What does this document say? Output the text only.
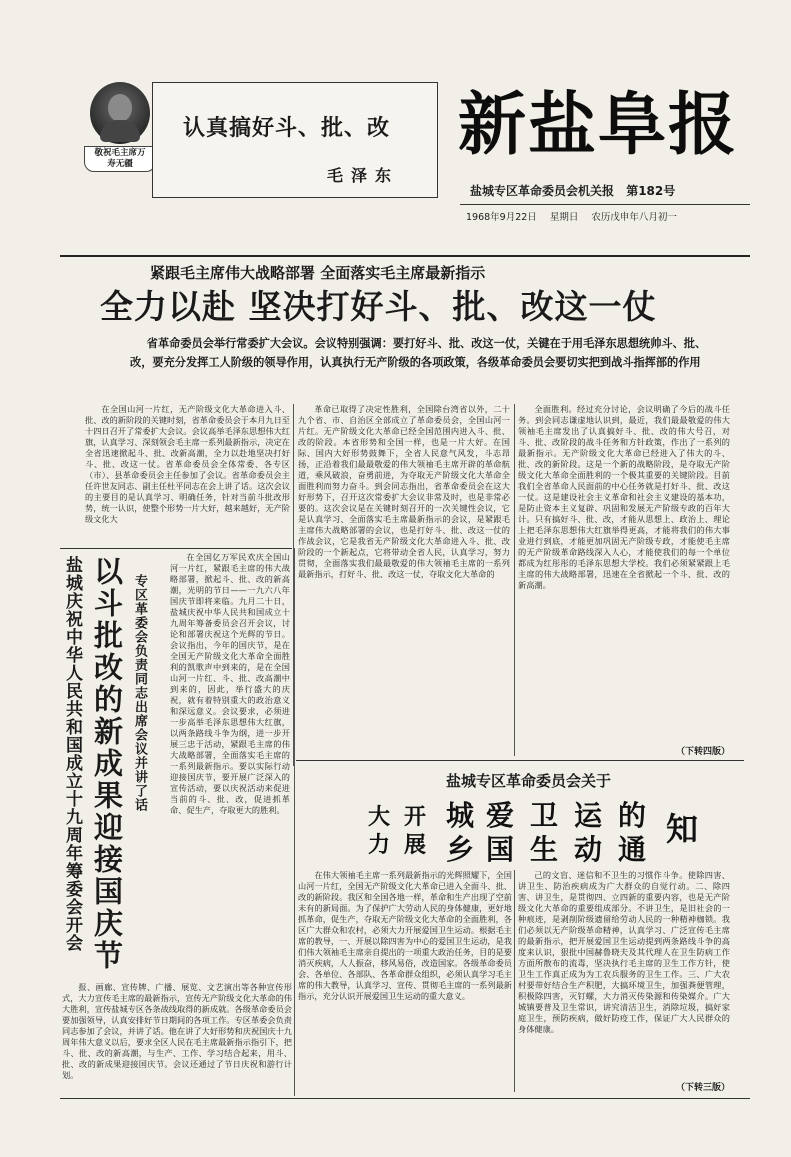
敬祝毛主席万寿无疆
认真搞好斗、批、改
毛泽东
新盐阜报
盐城专区革命委员会机关报 第182号
1968年9月22日 星期日 农历戊申年八月初一
紧跟毛主席伟大战略部署 全面落实毛主席最新指示
全力以赴 坚决打好斗、批、改这一仗
省革命委员会举行常委扩大会议。会议特别强调：要打好斗、批、改这一仗，关键在于用毛泽东思想统帅斗、批、改，要充分发挥工人阶级的领导作用，认真执行无产阶级的各项政策，各级革命委员会要切实把到战斗指挥部的作用
在全国山河一片红，无产阶级文化大革命进入斗、批、改的新阶段的关键时刻，省革命委员会于本月九日至十四日召开了常委扩大会议。会议高举毛泽东思想伟大红旗，认真学习、深刻领会毛主席一系列最新指示，决定在全省迅速掀起斗、批、改新高潮，全力以赴地坚决打好斗、批、改这一仗。省革命委员会全体常委、各专区（市）、县革命委员会主任参加了会议。省革命委员会主任许世友同志、副主任杜平同志在会上讲了话。这次会议的主要目的是认真学习、明确任务，针对当前斗批改形势，统一认识，使整个形势一片大好，越来越好，无产阶级文化大
革命已取得了决定性胜利，全国除台湾省以外，二十九个省、市、自治区全部成立了革命委员会，全国山河一片红。无产阶级文化大革命已经全国范围内进入斗、批、改的阶段。本省形势和全国一样，也是一片大好。在国际、国内大好形势鼓舞下，全省人民意气风发，斗志昂扬，正沿着我们最最敬爱的伟大领袖毛主席开辟的革命航道，乘风破浪，奋勇前进，为夺取无产阶级文化大革命全面胜利而努力奋斗。到会同志指出，省革命委员会在这大好形势下，召开这次常委扩大会议非常及时，也是非常必要的。这次会议是在关键时刻召开的一次关键性会议，它是认真学习、全面落实毛主席最新指示的会议，是紧跟毛主席伟大战略部署的会议，也是打好斗、批、改这一仗的作战会议，它是我省无产阶级文化大革命进入斗、批、改阶段的一个新起点，它将带动全省人民，认真学习，努力贯彻，全面落实我们最最敬爱的伟大领袖毛主席的一系列最新指示，打好斗、批、改这一仗，夺取文化大革命的
全面胜利。经过充分讨论，会议明确了今后的战斗任务。到会同志谦虚地认识到，最近，我们最最敬爱的伟大领袖毛主席发出了认真搞好斗、批、改的伟大号召，对斗、批、改阶段的战斗任务和方针政策，作出了一系列的最新指示。无产阶级文化大革命已经进入了伟大的斗、批、改的新阶段。这是一个新的战略阶段，是夺取无产阶级文化大革命全面胜利的一个极其重要的关键阶段。目前我们全省革命人民面前的中心任务就是打好斗、批、改这一仗。这是建设社会主义革命和社会主义建设的基本功，是防止资本主义复辟、巩固和发展无产阶级专政的百年大计。只有搞好斗、批、改，才能从思想上、政治上、理论上把毛泽东思想伟大红旗举得更高，才能将我们的伟大事业进行到底，才能更加巩固无产阶级专政，才能使毛主席的无产阶级革命路线深入人心，才能使我们的每一个单位都成为红彤彤的毛泽东思想大学校。我们必须紧紧跟上毛主席的伟大战略部署，迅速在全省掀起一个斗、批、改的新高潮。
（下转四版）
盐城庆祝中华人民共和国成立十九周年筹委会开会 以斗批改的新成果迎接国庆节 专区革委会负责同志出席会议并讲了话
在全国亿万军民欢庆全国山河一片红，紧跟毛主席的伟大战略部署，掀起斗、批、改的新高潮，光明的节日——一九六八年国庆节即将来临。九月二十日，盐城庆祝中华人民共和国成立十九周年筹备委员会召开会议，讨论和部署庆祝这个光辉的节日。会议指出，今年的国庆节，是在全国无产阶级文化大革命全面胜利的凯歌声中到来的，是在全国山河一片红、斗、批、改高潮中到来的，因此，举行盛大的庆祝，就有着特别重大的政治意义和深远意义。会议要求，必须进一步高举毛泽东思想伟大红旗，以两条路线斗争为纲，进一步开展三忠于活动，紧跟毛主席的伟大战略部署，全面落实毛主席的一系列最新指示。要以实际行动迎接国庆节，要开展广泛深入的宣传活动，要以庆祝活动来促进当前的斗、批、改，促进抓革命、促生产，夺取更大的胜利。
报、画廊、宣传牌、广播、展览、文艺演出等各种宣传形式，大力宣传毛主席的最新指示，宣传无产阶级文化大革命的伟大胜利，宣传盐城专区各条战线取得的新成就。各级革命委员会要加强领导，认真安排好节日期间的各项工作。专区革委会负责同志参加了会议，并讲了话。他在讲了大好形势和庆祝国庆十九周年伟大意义以后，要求全区人民在毛主席最新指示指引下，把斗、批、改的新高潮，与生产、工作、学习结合起来，用斗、批、改的新成果迎接国庆节。会议还通过了节日庆祝和游行计划。
盐城专区革命委员会关于
大
力
开
展
城
乡
爱
国
卫
生
运
动
的
通
知
在伟大领袖毛主席一系列最新指示的光辉照耀下，全国山河一片红，全国无产阶级文化大革命已进入全面斗、批、改的新阶段。我区和全国各地一样，革命和生产出现了空前未有的新局面。为了保护广大劳动人民的身体健康，更好地抓革命，促生产，夺取无产阶级文化大革命的全面胜利，各区广大群众和农村，必须大力开展爱国卫生运动。根据毛主席的教导，一、开展以除四害为中心的爱国卫生运动，是我们伟大领袖毛主席亲自提出的一项重大政治任务，目的是要消灭疾病，人人振奋，移风易俗，改造国家。各级革命委员会、各单位、各部队、各革命群众组织，必须认真学习毛主席的伟大教导，认真学习、宣传、贯彻毛主席的一系列最新指示，充分认识开展爱国卫生运动的重大意义。
己的文盲、迷信和不卫生的习惯作斗争。使除四害、讲卫生、防治疾病成为广大群众的自觉行动。二、除四害、讲卫生，是贯彻四、立四新的重要内容，也是无产阶级文化大革命的重要组成部分。不讲卫生，是旧社会的一种痕迹，是剥削阶级遗留给劳动人民的一种精神枷锁。我们必须以无产阶级革命精神，认真学习、广泛宣传毛主席的最新指示，把开展爱国卫生运动提到两条路线斗争的高度来认识，狠批中国赫鲁晓夫及其代理人在卫生防病工作方面所散布的流毒，坚决执行毛主席的卫生工作方针，使卫生工作真正成为为工农兵服务的卫生工作。三、广大农村要带好结合生产积肥，大搞环境卫生，加强粪便管理，积极除四害，灭钉螺，大力消灭传染源和传染媒介。广大城镇要普及卫生常识，讲究清洁卫生，消除垃圾，搞好家庭卫生，预防疾病，做好防疫工作，保证广大人民群众的身体健康。
（下转三版）
